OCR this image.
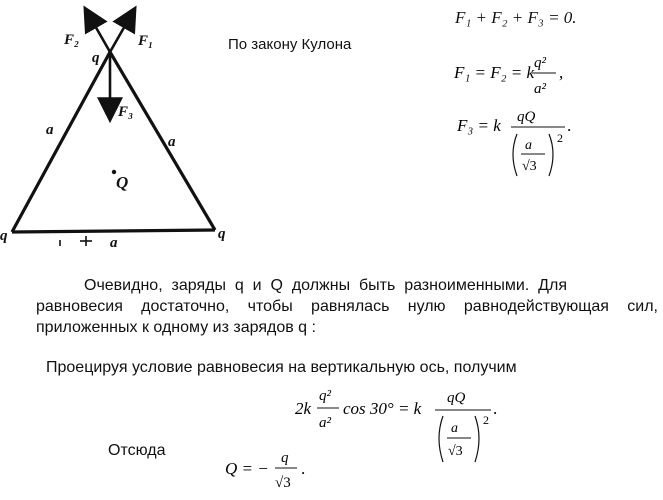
F₂	F₁
q
F₃
a
a
Q
q	q
a
По закону Кулона
F₁ + F₂ + F₃ = 0.
F₁ = F₂ = k q²
a²
,
F₃ = k qQ
a
√3
2
.
Очевидно,  заряды  q  и  Q  должны  быть  разноименными.  Для
равновесия достаточно, чтобы равнялась нулю равнодействующая сил,
приложенных к одному из зарядов q :
Проецируя условие равновесия на вертикальную ось, получим
2k
q²
a²
cos 30° = k
qQ
a
√3
2
.
Отсюда
Q = −
q
√3
.
